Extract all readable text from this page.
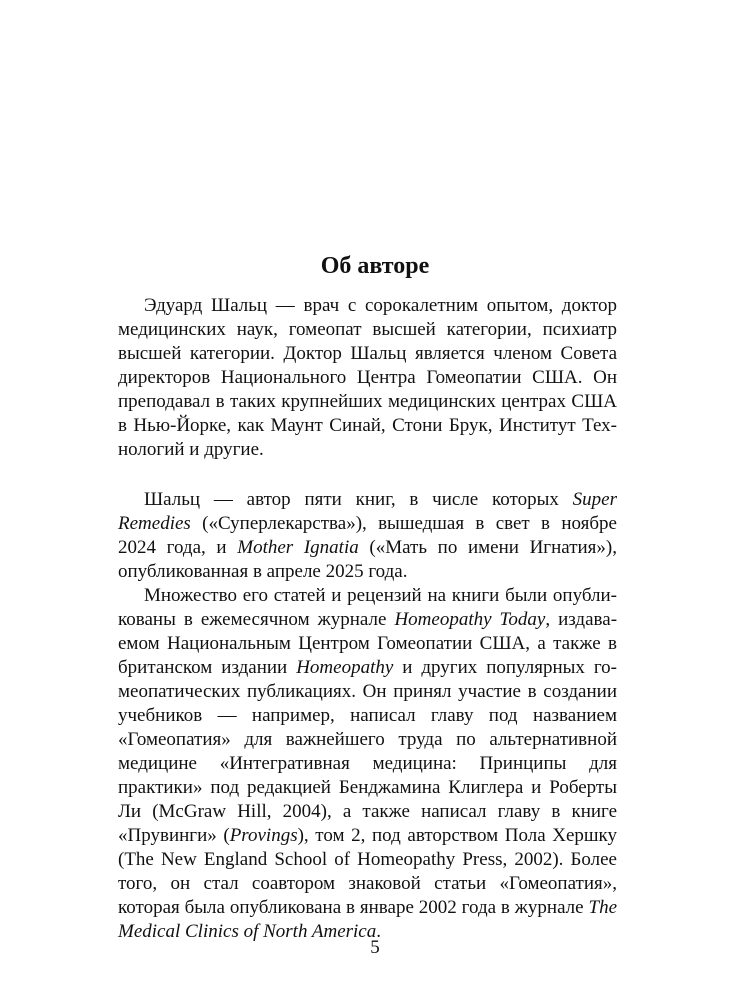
Об авторе

Эдуард Шальц — врач с сорокалетним опытом, доктор медицинских наук, гомеопат высшей категории, психиатр высшей категории. Доктор Шальц является членом Совета директоров Национального Центра Гомеопатии США. Он преподавал в таких крупнейших медицинских центрах США в Нью-Йорке, как Маунт Синай, Стони Брук, Институт Технологий и другие.

Шальц — автор пяти книг, в числе которых Super Remedies («Суперлекарства»), вышедшая в свет в ноябре 2024 года, и Mother Ignatia («Мать по имени Игнатия»), опубликованная в апреле 2025 года.

Множество его статей и рецензий на книги были опубликованы в ежемесячном журнале Homeopathy Today, издаваемом Национальным Центром Гомеопатии США, а также в британском издании Homeopathy и других популярных гомеопатических публикациях. Он принял участие в создании учебников — например, написал главу под названием «Гомеопатия» для важнейшего труда по альтернативной медицине «Интегративная медицина: Принципы для практики» под редакцией Бенджамина Клиглера и Роберты Ли (McGraw Hill, 2004), а также написал главу в книге «Прувинги» (Provings), том 2, под авторством Пола Хершку (The New England School of Homeopathy Press, 2002). Более того, он стал соавтором знаковой статьи «Гомеопатия», которая была опубликована в январе 2002 года в журнале The Medical Clinics of North America.

5
